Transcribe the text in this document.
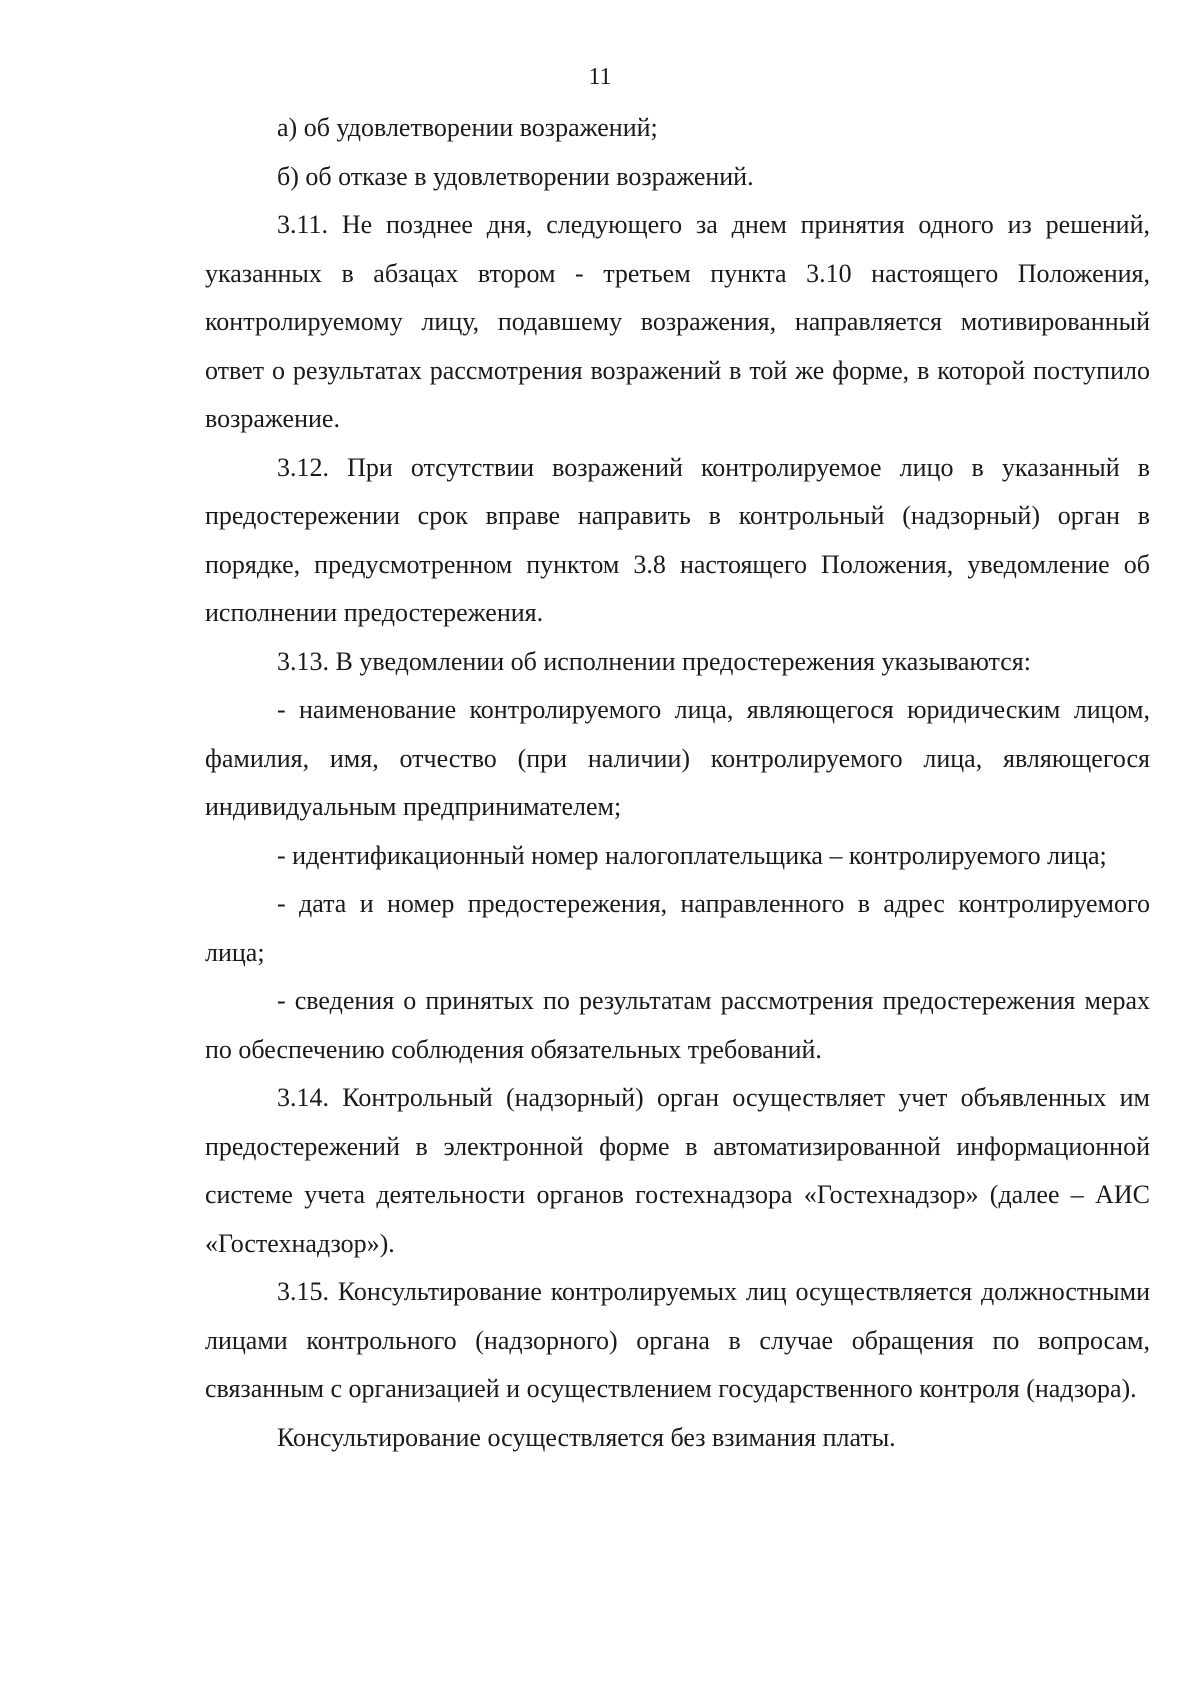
11

а) об удовлетворении возражений;

б) об отказе в удовлетворении возражений.

3.11. Не позднее дня, следующего за днем принятия одного из решений, указанных в абзацах втором - третьем пункта 3.10 настоящего Положения, контролируемому лицу, подавшему возражения, направляется мотивированный ответ о результатах рассмотрения возражений в той же форме, в которой поступило возражение.

3.12. При отсутствии возражений контролируемое лицо в указанный в предостережении срок вправе направить в контрольный (надзорный) орган в порядке, предусмотренном пунктом 3.8 настоящего Положения, уведомление об исполнении предостережения.

3.13. В уведомлении об исполнении предостережения указываются:

- наименование контролируемого лица, являющегося юридическим лицом, фамилия, имя, отчество (при наличии) контролируемого лица, являющегося индивидуальным предпринимателем;

- идентификационный номер налогоплательщика – контролируемого лица;

- дата и номер предостережения, направленного в адрес контролируемого лица;

- сведения о принятых по результатам рассмотрения предостережения мерах по обеспечению соблюдения обязательных требований.

3.14. Контрольный (надзорный) орган осуществляет учет объявленных им предостережений в электронной форме в автоматизированной информационной системе учета деятельности органов гостехнадзора «Гостехнадзор» (далее – АИС «Гостехнадзор»).

3.15. Консультирование контролируемых лиц осуществляется должностными лицами контрольного (надзорного) органа в случае обращения по вопросам, связанным с организацией и осуществлением государственного контроля (надзора).

Консультирование осуществляется без взимания платы.
